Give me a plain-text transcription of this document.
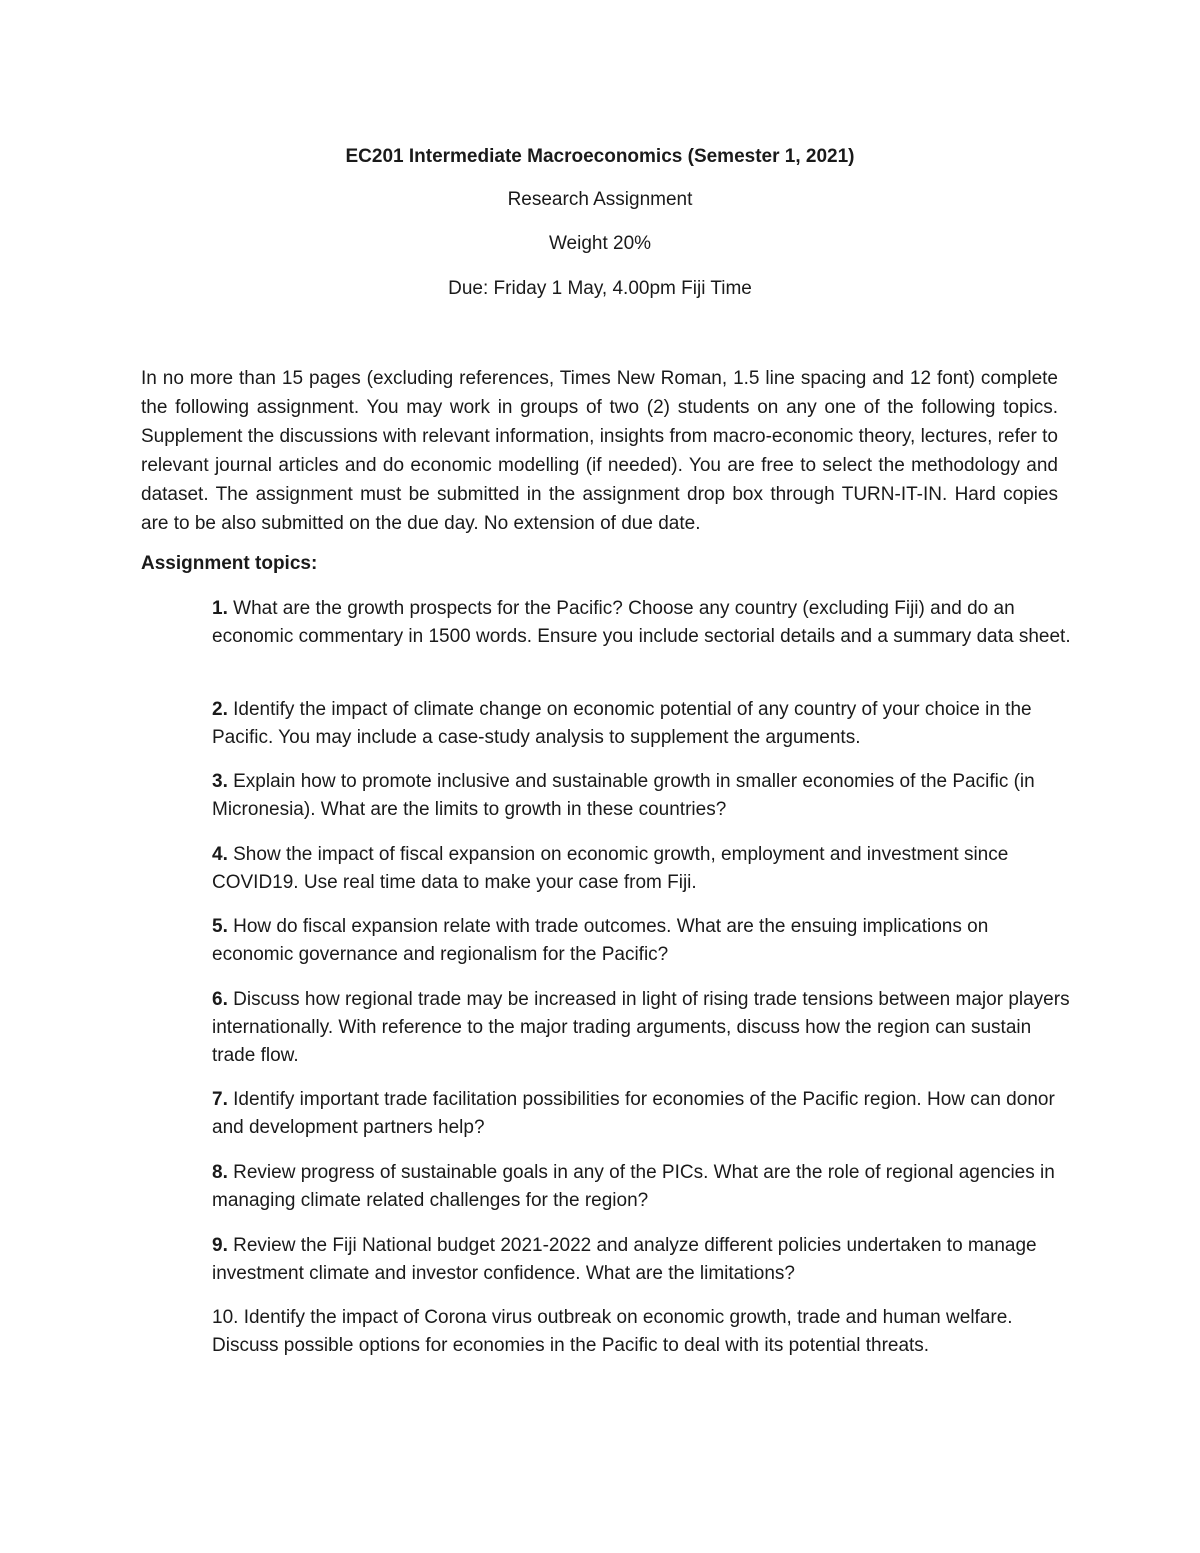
EC201 Intermediate Macroeconomics (Semester 1, 2021)
Research Assignment
Weight 20%
Due: Friday 1 May, 4.00pm Fiji Time

In no more than 15 pages (excluding references, Times New Roman, 1.5 line spacing and 12 font) complete the following assignment. You may work in groups of two (2) students on any one of the following topics. Supplement the discussions with relevant information, insights from macro-economic theory, lectures, refer to relevant journal articles and do economic modelling (if needed). You are free to select the methodology and dataset. The assignment must be submitted in the assignment drop box through TURN-IT-IN. Hard copies are to be also submitted on the due day. No extension of due date.

Assignment topics:

1. What are the growth prospects for the Pacific? Choose any country (excluding Fiji) and do an economic commentary in 1500 words. Ensure you include sectorial details and a summary data sheet.

2. Identify the impact of climate change on economic potential of any country of your choice in the Pacific. You may include a case-study analysis to supplement the arguments.

3. Explain how to promote inclusive and sustainable growth in smaller economies of the Pacific (in Micronesia). What are the limits to growth in these countries?

4. Show the impact of fiscal expansion on economic growth, employment and investment since COVID19. Use real time data to make your case from Fiji.

5. How do fiscal expansion relate with trade outcomes. What are the ensuing implications on economic governance and regionalism for the Pacific?

6. Discuss how regional trade may be increased in light of rising trade tensions between major players internationally. With reference to the major trading arguments, discuss how the region can sustain trade flow.

7. Identify important trade facilitation possibilities for economies of the Pacific region. How can donor and development partners help?

8. Review progress of sustainable goals in any of the PICs. What are the role of regional agencies in managing climate related challenges for the region?

9. Review the Fiji National budget 2021-2022 and analyze different policies undertaken to manage investment climate and investor confidence. What are the limitations?

10. Identify the impact of Corona virus outbreak on economic growth, trade and human welfare. Discuss possible options for economies in the Pacific to deal with its potential threats.
